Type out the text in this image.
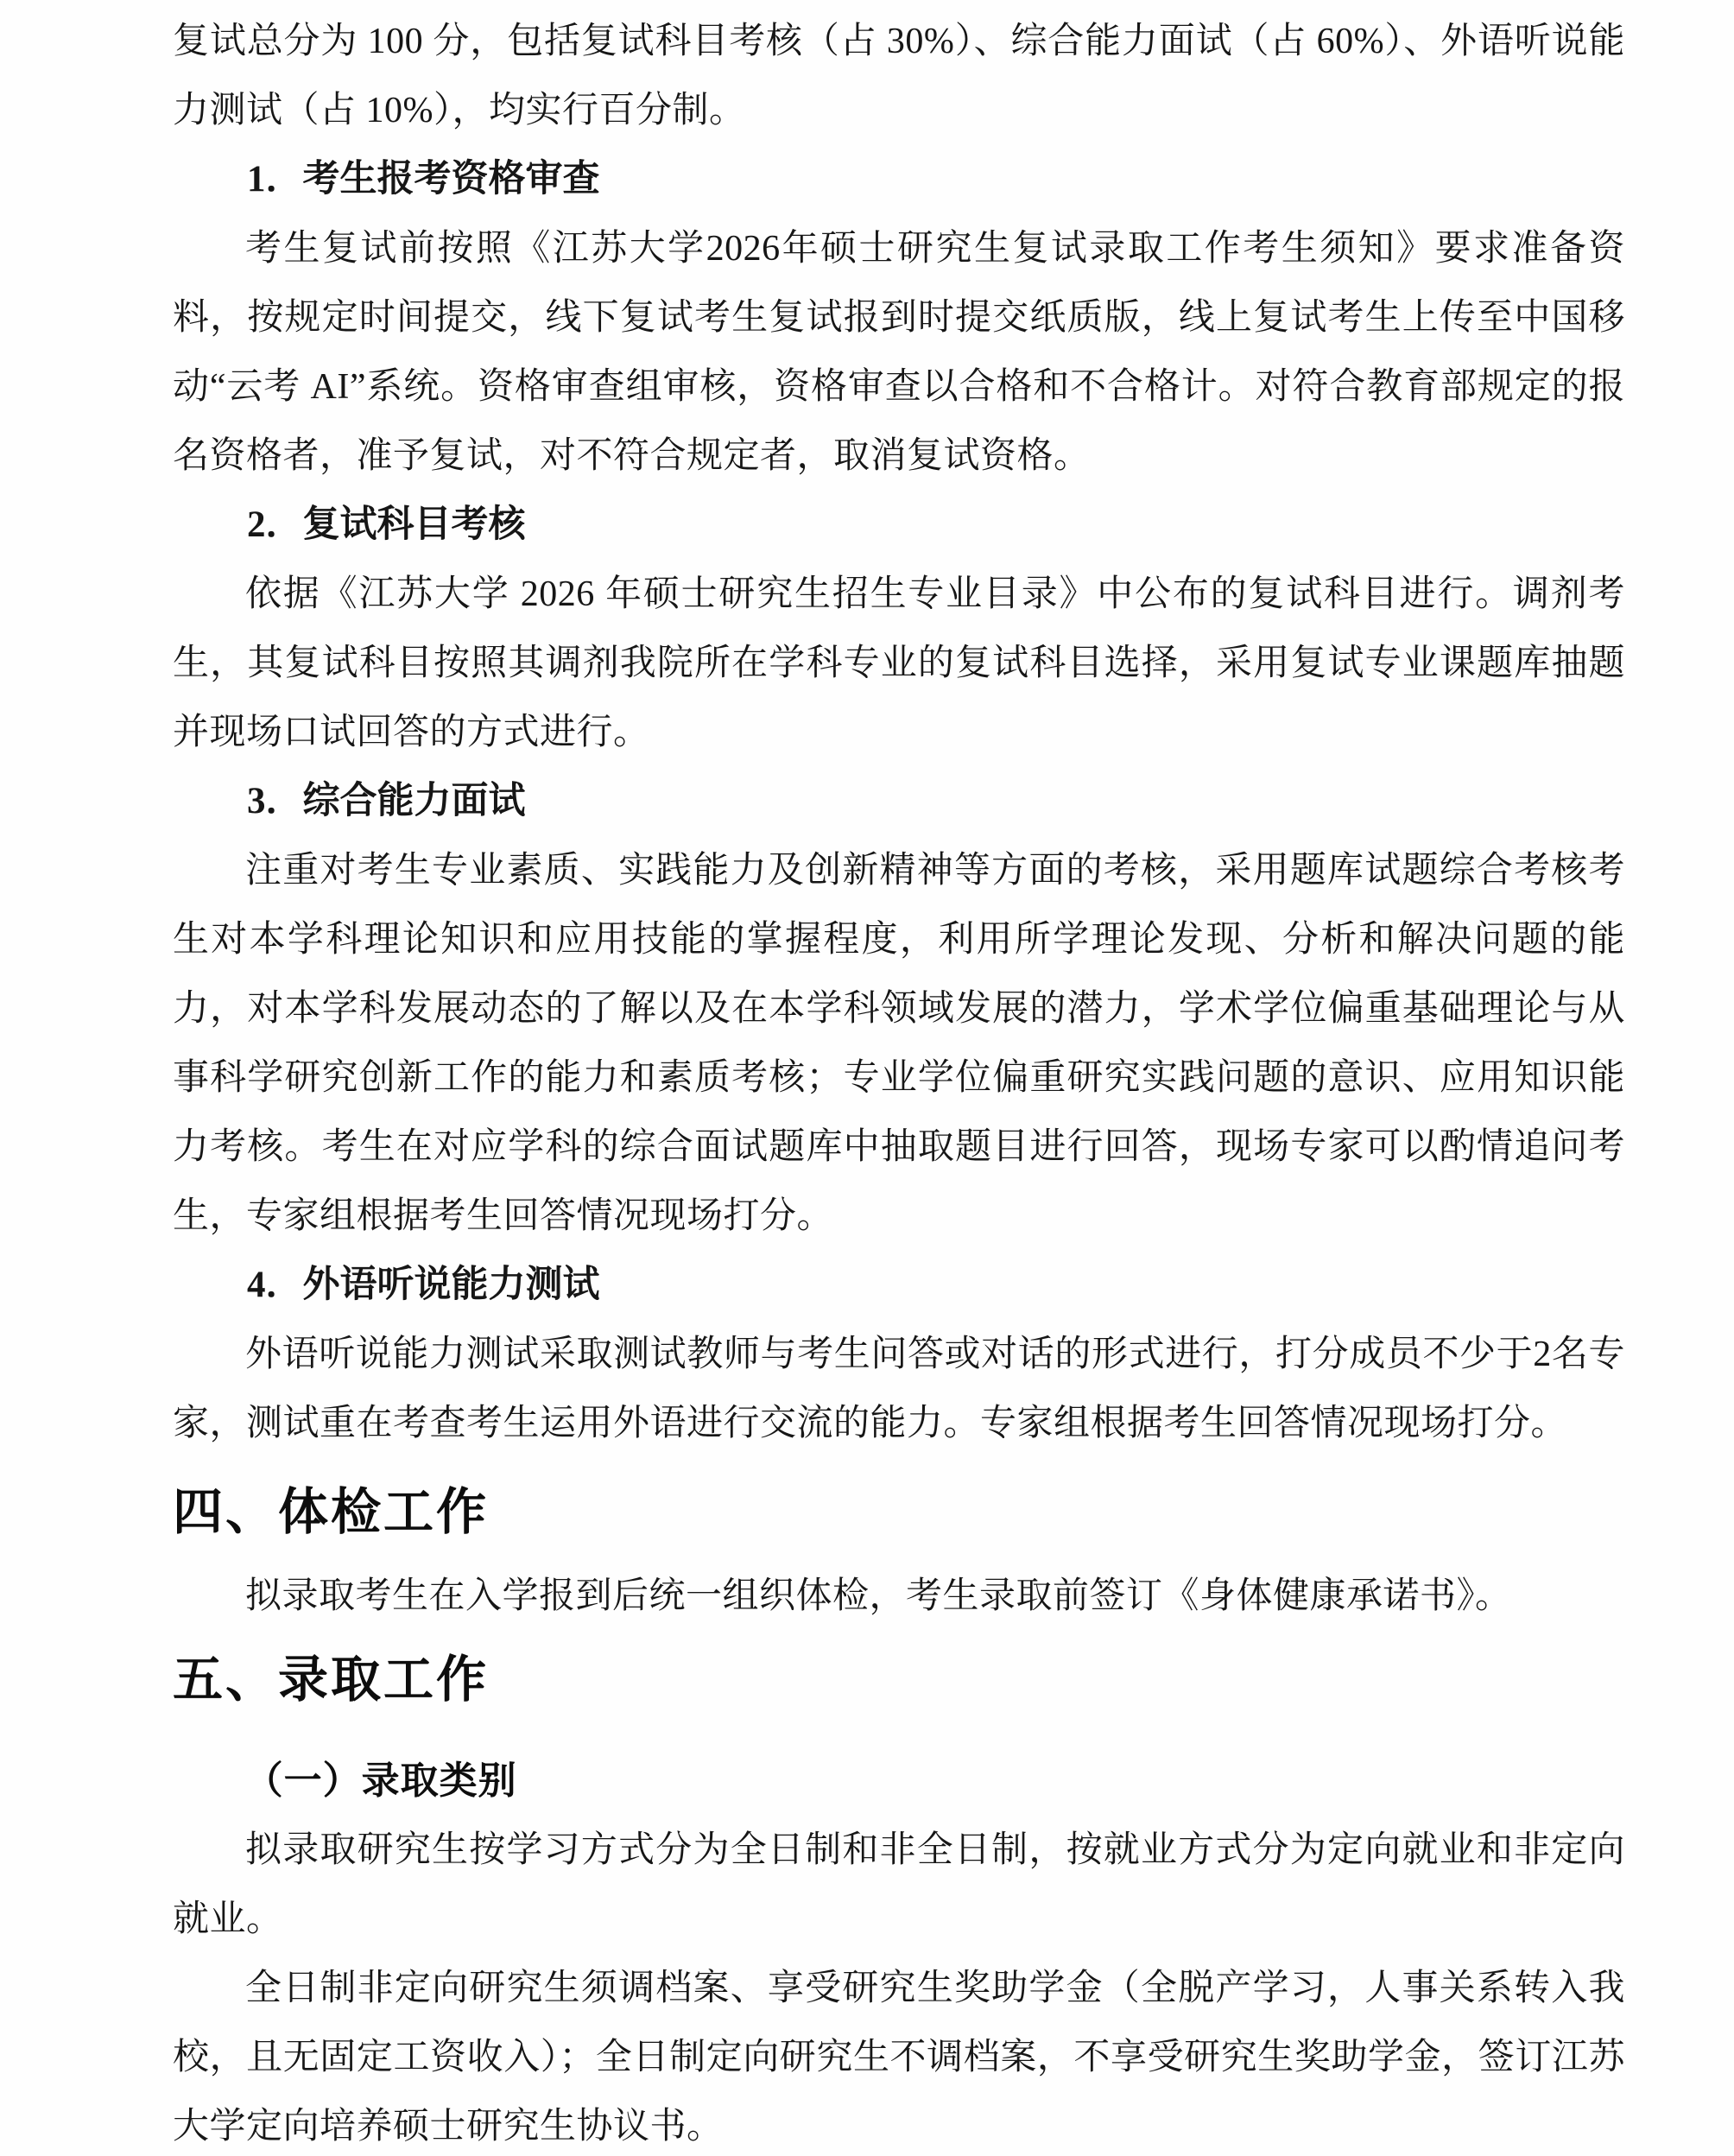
复试总分为 100 分，包括复试科目考核（占 30%）、综合能力面试（占 60%）、外语听说能力测试（占 10%），均实行百分制。

1．考生报考资格审查

考生复试前按照《江苏大学2026年硕士研究生复试录取工作考生须知》要求准备资料，按规定时间提交，线下复试考生复试报到时提交纸质版，线上复试考生上传至中国移动“云考 AI”系统。资格审查组审核，资格审查以合格和不合格计。对符合教育部规定的报名资格者，准予复试，对不符合规定者，取消复试资格。

2．复试科目考核

依据《江苏大学 2026 年硕士研究生招生专业目录》中公布的复试科目进行。调剂考生，其复试科目按照其调剂我院所在学科专业的复试科目选择，采用复试专业课题库抽题并现场口试回答的方式进行。

3．综合能力面试

注重对考生专业素质、实践能力及创新精神等方面的考核，采用题库试题综合考核考生对本学科理论知识和应用技能的掌握程度，利用所学理论发现、分析和解决问题的能力，对本学科发展动态的了解以及在本学科领域发展的潜力，学术学位偏重基础理论与从事科学研究创新工作的能力和素质考核；专业学位偏重研究实践问题的意识、应用知识能力考核。考生在对应学科的综合面试题库中抽取题目进行回答，现场专家可以酌情追问考生，专家组根据考生回答情况现场打分。

4．外语听说能力测试

外语听说能力测试采取测试教师与考生问答或对话的形式进行，打分成员不少于2名专家，测试重在考查考生运用外语进行交流的能力。专家组根据考生回答情况现场打分。

四、体检工作

拟录取考生在入学报到后统一组织体检，考生录取前签订《身体健康承诺书》。

五、录取工作
（一）录取类别

拟录取研究生按学习方式分为全日制和非全日制，按就业方式分为定向就业和非定向就业。

全日制非定向研究生须调档案、享受研究生奖助学金（全脱产学习，人事关系转入我校，且无固定工资收入）；全日制定向研究生不调档案，不享受研究生奖助学金，签订江苏大学定向培养硕士研究生协议书。
